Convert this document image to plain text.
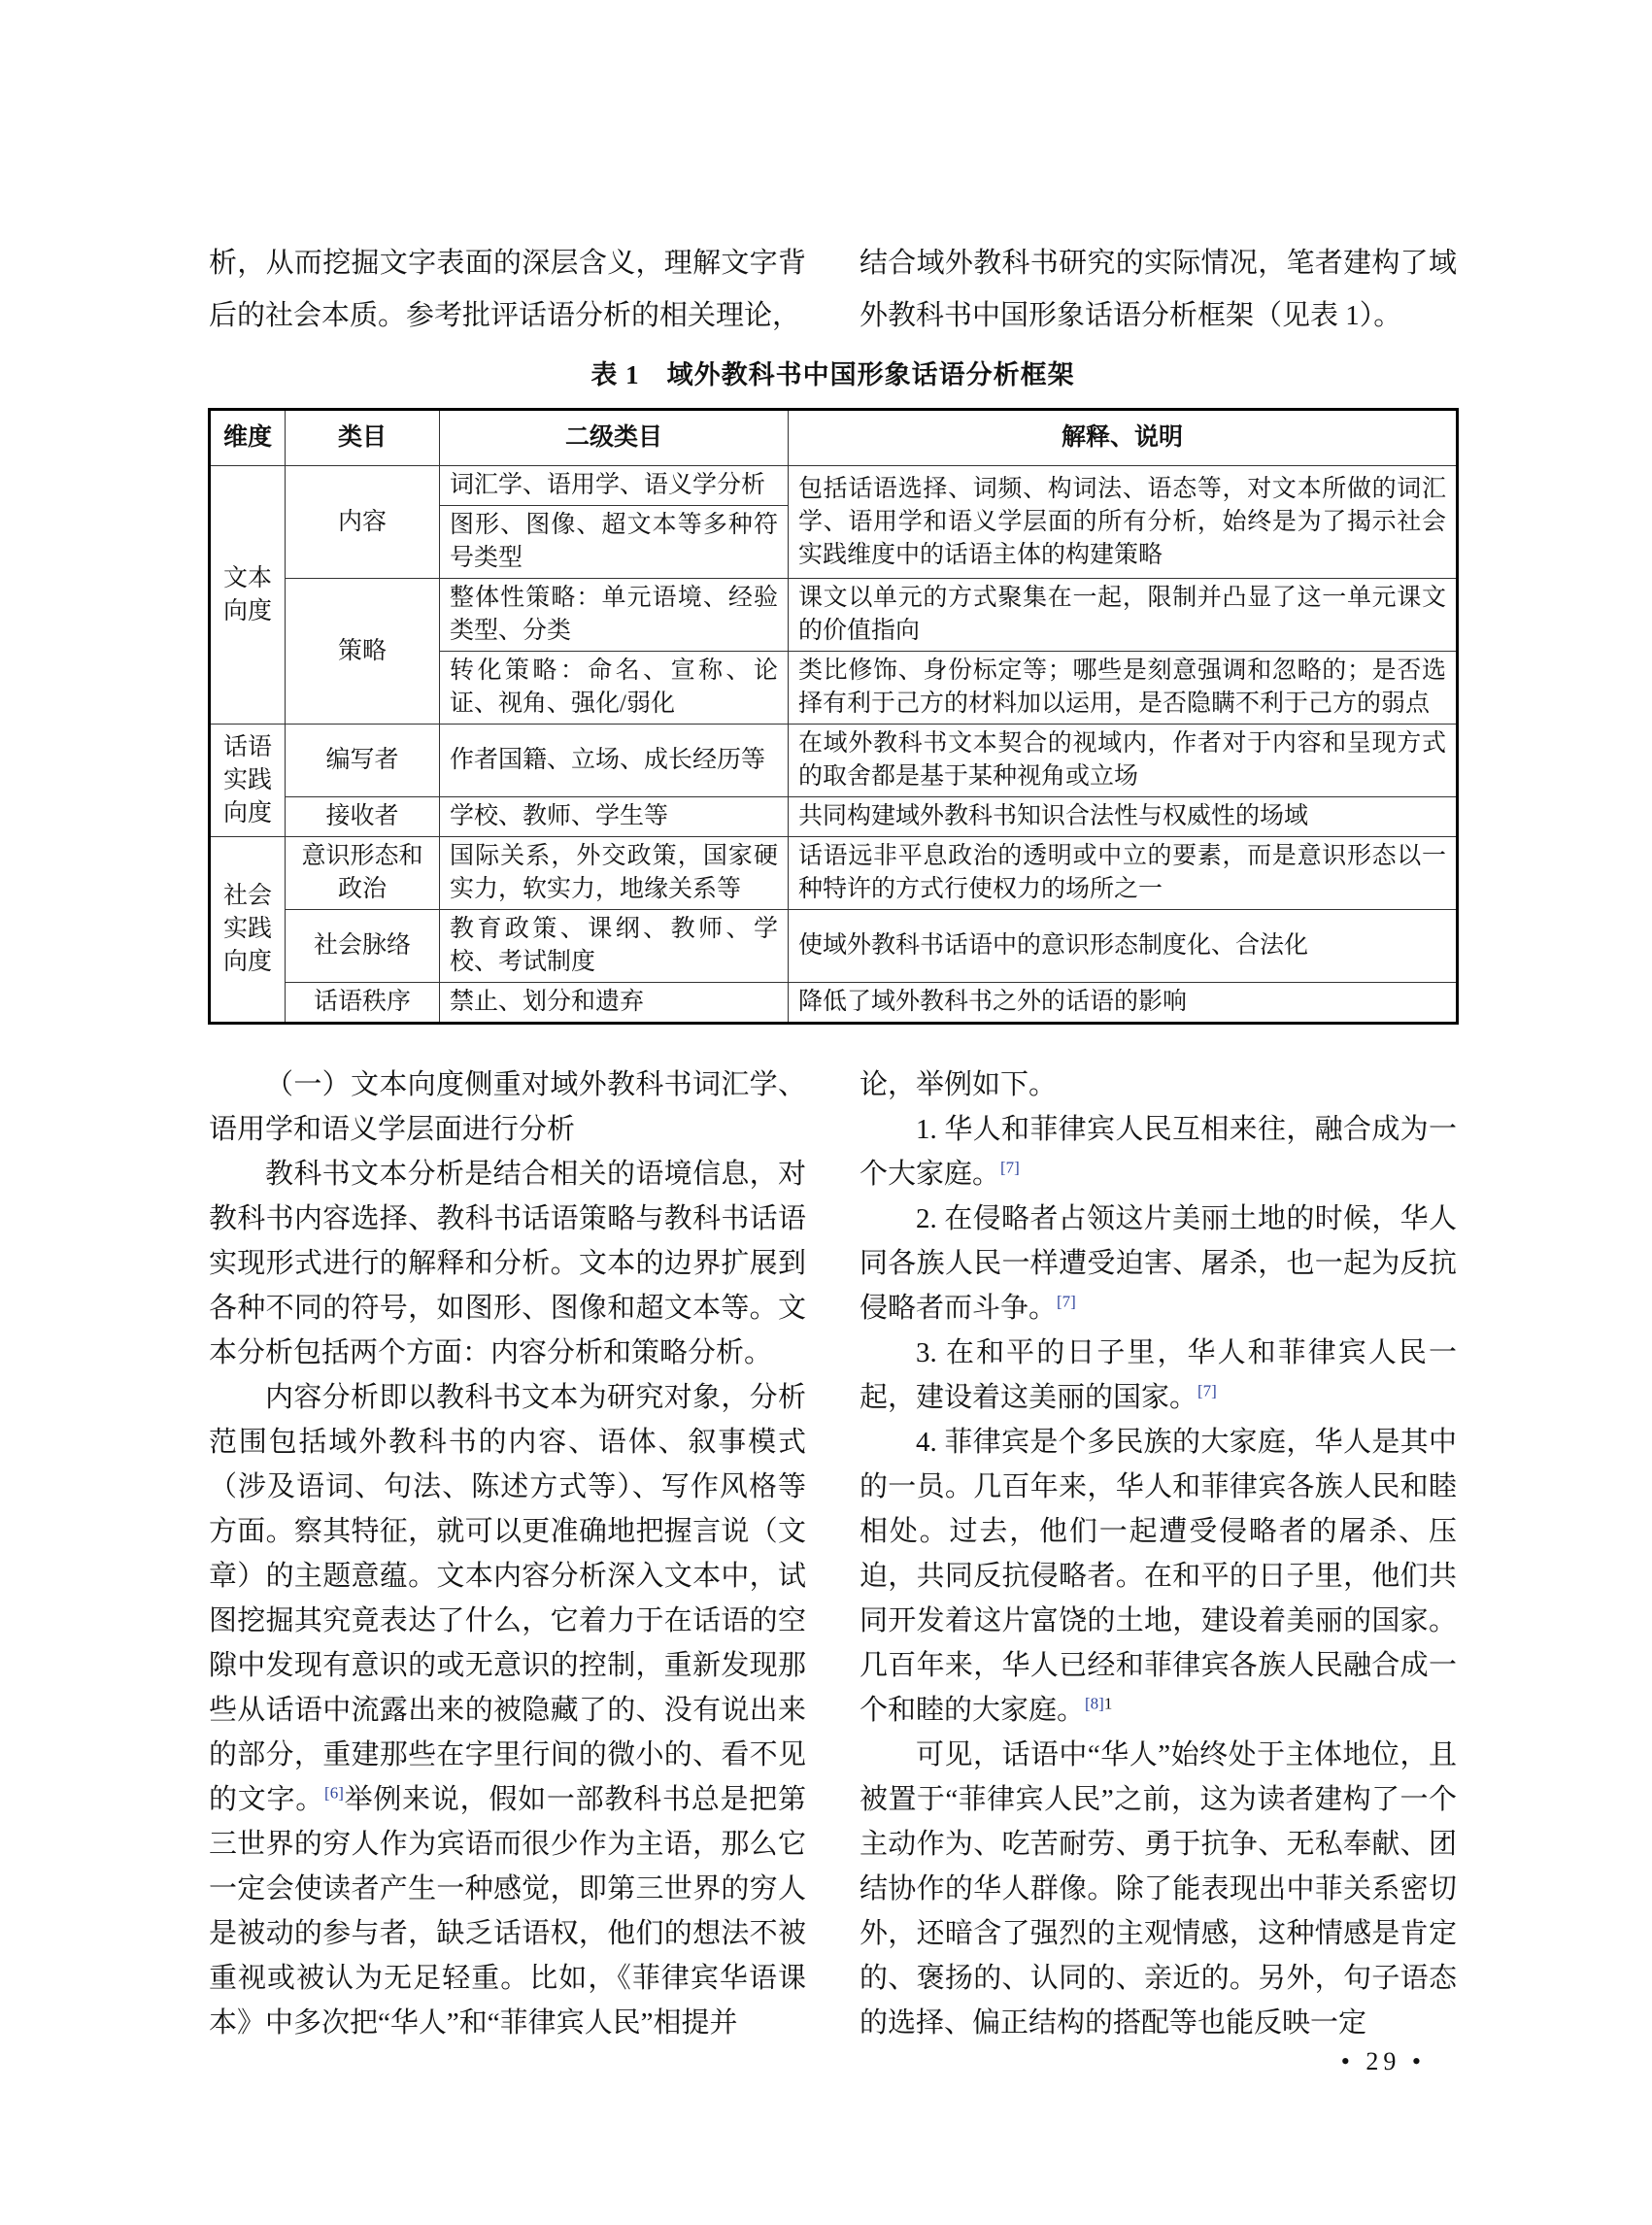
析，从而挖掘文字表面的深层含义，理解文字背后的社会本质。参考批评话语分析的相关理论，

结合域外教科书研究的实际情况，笔者建构了域外教科书中国形象话语分析框架（见表 1）。

表 1　域外教科书中国形象话语分析框架
维度	类目	二级类目	解释、说明
文本向度	内容	词汇学、语用学、语义学分析	包括话语选择、词频、构词法、语态等，对文本所做的词汇学、语用学和语义学层面的所有分析，始终是为了揭示社会实践维度中的话语主体的构建策略
		图形、图像、超文本等多种符号类型	
	策略	整体性策略：单元语境、经验类型、分类	课文以单元的方式聚集在一起，限制并凸显了这一单元课文的价值指向
		转化策略：命名、宣称、论证、视角、强化/弱化	类比修饰、身份标定等；哪些是刻意强调和忽略的；是否选择有利于己方的材料加以运用，是否隐瞒不利于己方的弱点
话语实践向度	编写者	作者国籍、立场、成长经历等	在域外教科书文本契合的视域内，作者对于内容和呈现方式的取舍都是基于某种视角或立场
	接收者	学校、教师、学生等	共同构建域外教科书知识合法性与权威性的场域
社会实践向度	意识形态和政治	国际关系，外交政策，国家硬实力，软实力，地缘关系等	话语远非平息政治的透明或中立的要素，而是意识形态以一种特许的方式行使权力的场所之一
	社会脉络	教育政策、课纲、教师、学校、考试制度	使域外教科书话语中的意识形态制度化、合法化
	话语秩序	禁止、划分和遗弃	降低了域外教科书之外的话语的影响

（一）文本向度侧重对域外教科书词汇学、语用学和语义学层面进行分析

教科书文本分析是结合相关的语境信息，对教科书内容选择、教科书话语策略与教科书话语实现形式进行的解释和分析。文本的边界扩展到各种不同的符号，如图形、图像和超文本等。文本分析包括两个方面：内容分析和策略分析。

内容分析即以教科书文本为研究对象，分析范围包括域外教科书的内容、语体、叙事模式（涉及语词、句法、陈述方式等）、写作风格等方面。察其特征，就可以更准确地把握言说（文章）的主题意蕴。文本内容分析深入文本中，试图挖掘其究竟表达了什么，它着力于在话语的空隙中发现有意识的或无意识的控制，重新发现那些从话语中流露出来的被隐藏了的、没有说出来的部分，重建那些在字里行间的微小的、看不见的文字。[6]举例来说，假如一部教科书总是把第三世界的穷人作为宾语而很少作为主语，那么它一定会使读者产生一种感觉，即第三世界的穷人是被动的参与者，缺乏话语权，他们的想法不被重视或被认为无足轻重。比如，《菲律宾华语课本》中多次把“华人”和“菲律宾人民”相提并

论，举例如下。

1. 华人和菲律宾人民互相来往，融合成为一个大家庭。[7]

2. 在侵略者占领这片美丽土地的时候，华人同各族人民一样遭受迫害、屠杀，也一起为反抗侵略者而斗争。[7]

3. 在和平的日子里，华人和菲律宾人民一起，建设着这美丽的国家。[7]

4. 菲律宾是个多民族的大家庭，华人是其中的一员。几百年来，华人和菲律宾各族人民和睦相处。过去，他们一起遭受侵略者的屠杀、压迫，共同反抗侵略者。在和平的日子里，他们共同开发着这片富饶的土地，建设着美丽的国家。几百年来，华人已经和菲律宾各族人民融合成一个和睦的大家庭。$^{[8]1}$

可见，话语中“华人”始终处于主体地位，且被置于“菲律宾人民”之前，这为读者建构了一个主动作为、吃苦耐劳、勇于抗争、无私奉献、团结协作的华人群像。除了能表现出中菲关系密切外，还暗含了强烈的主观情感，这种情感是肯定的、褒扬的、认同的、亲近的。另外，句子语态的选择、偏正结构的搭配等也能反映一定

• 29 •
